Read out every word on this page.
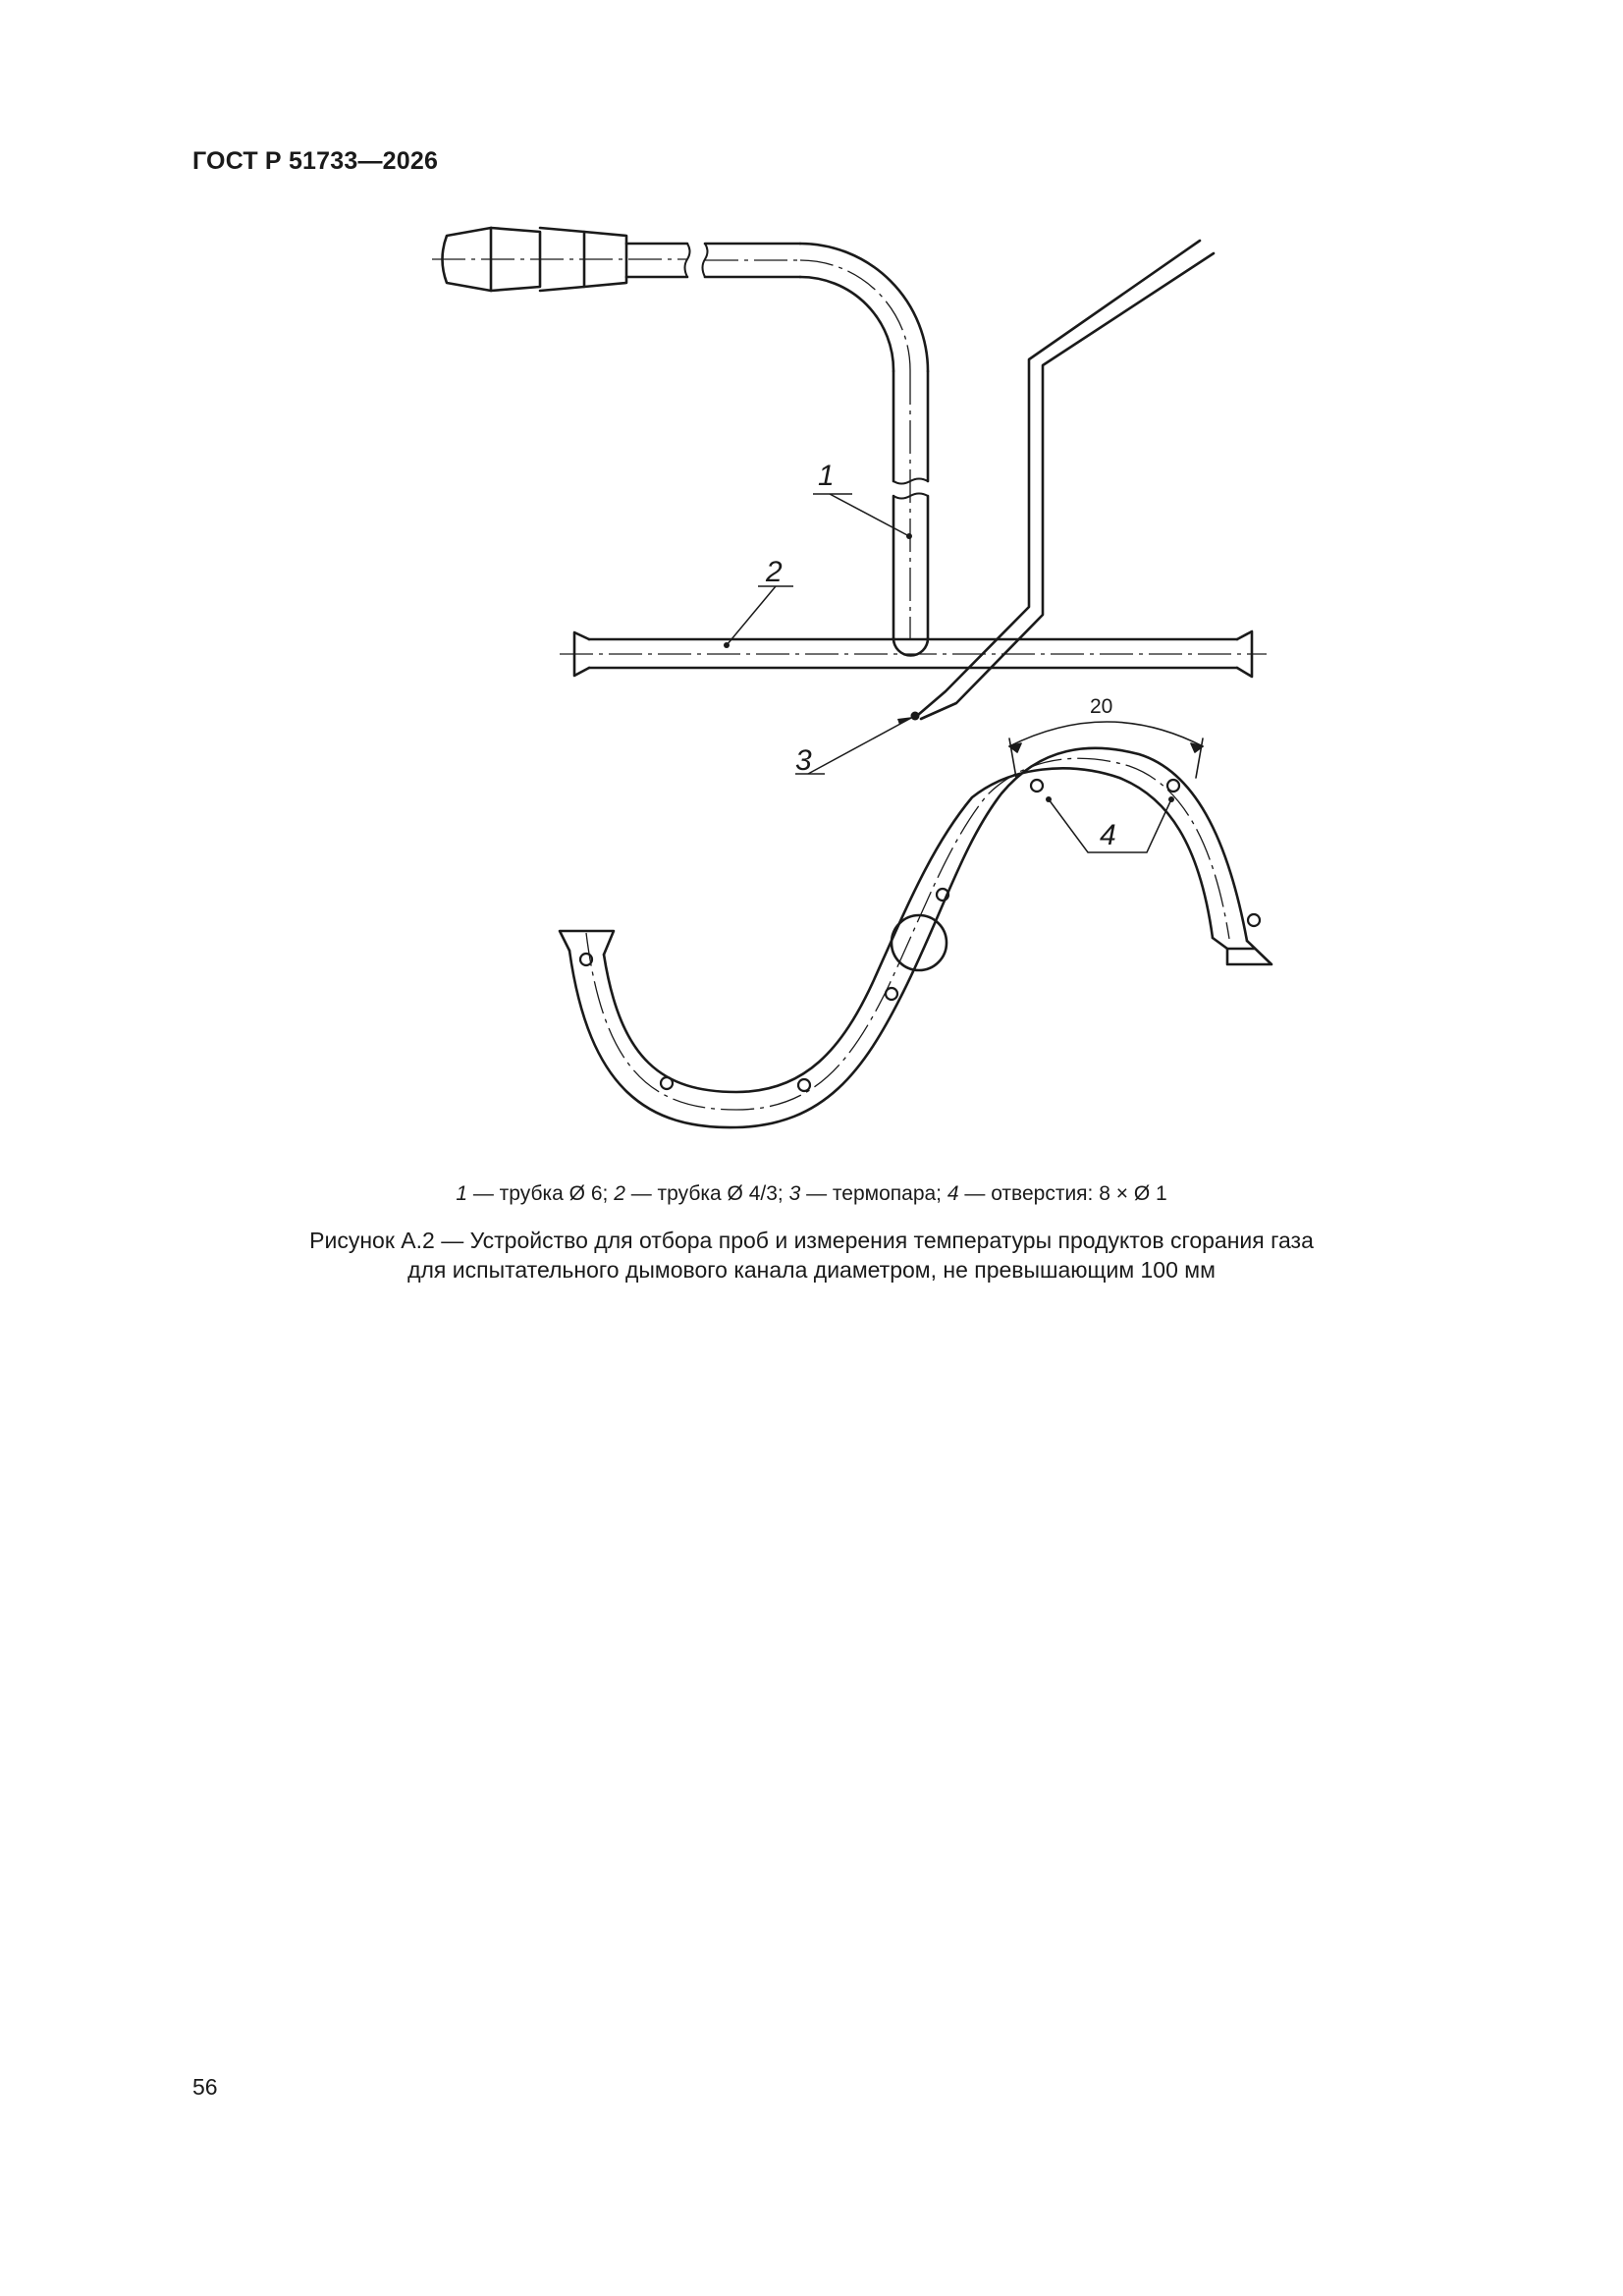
ГОСТ Р 51733—2026
1
2
3
4
20
1 — трубка Ø 6; 2 — трубка Ø 4/3; 3 — термопара; 4 — отверстия: 8 × Ø 1
Рисунок А.2 — Устройство для отбора проб и измерения температуры продуктов сгорания газа
для испытательного дымового канала диаметром, не превышающим 100 мм
56
